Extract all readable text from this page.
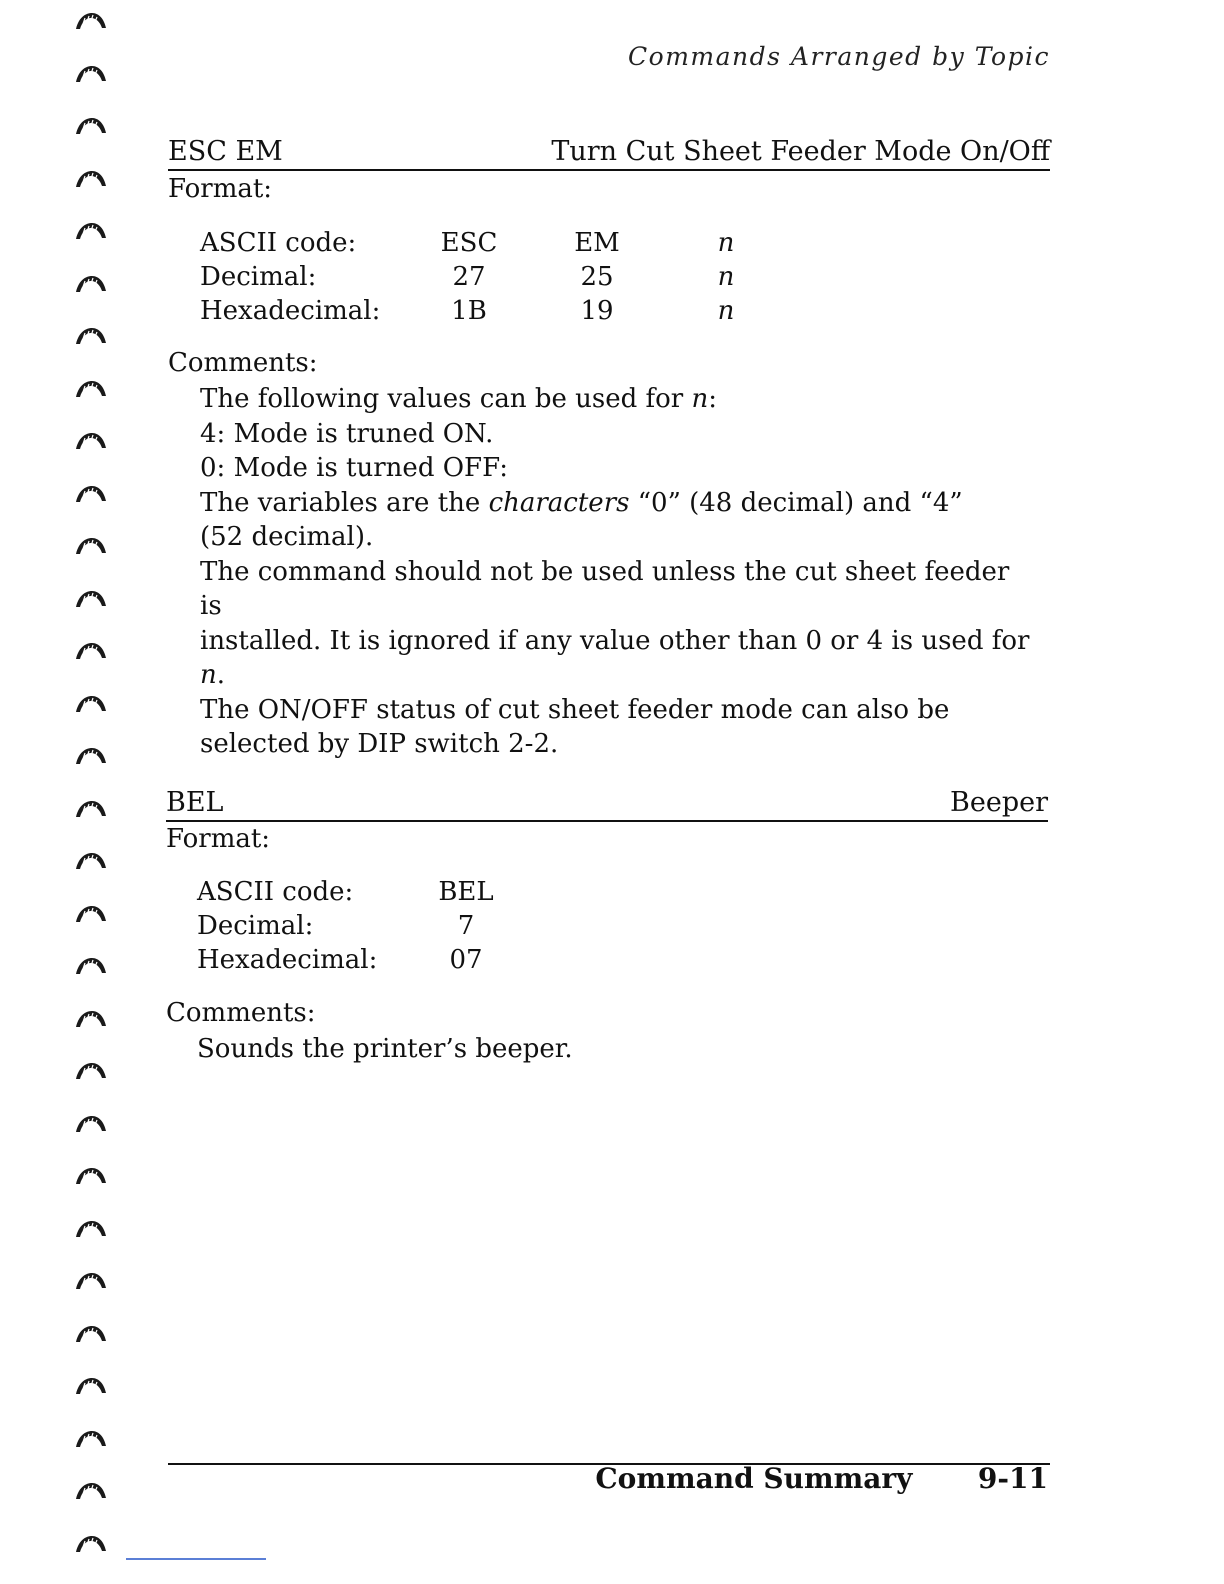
Commands Arranged by Topic
ESC EM	Turn Cut Sheet Feeder Mode On/Off
Format:
ASCII code:	ESC	EM	n
Decimal:	27	25	n
Hexadecimal:	1B	19	n
Comments:

The following values can be used for n:

4: Mode is truned ON.

0: Mode is turned OFF:

The variables are the characters “0” (48 decimal) and “4”

(52 decimal).

The command should not be used unless the cut sheet feeder is

installed. It is ignored if any value other than 0 or 4 is used for

n.

The ON/OFF status of cut sheet feeder mode can also be

selected by DIP switch 2-2.

BEL	Beeper
Format:
ASCII code:	BEL
Decimal:	7
Hexadecimal:	07
Comments:

Sounds the printer’s beeper.

Command Summary 9-11
